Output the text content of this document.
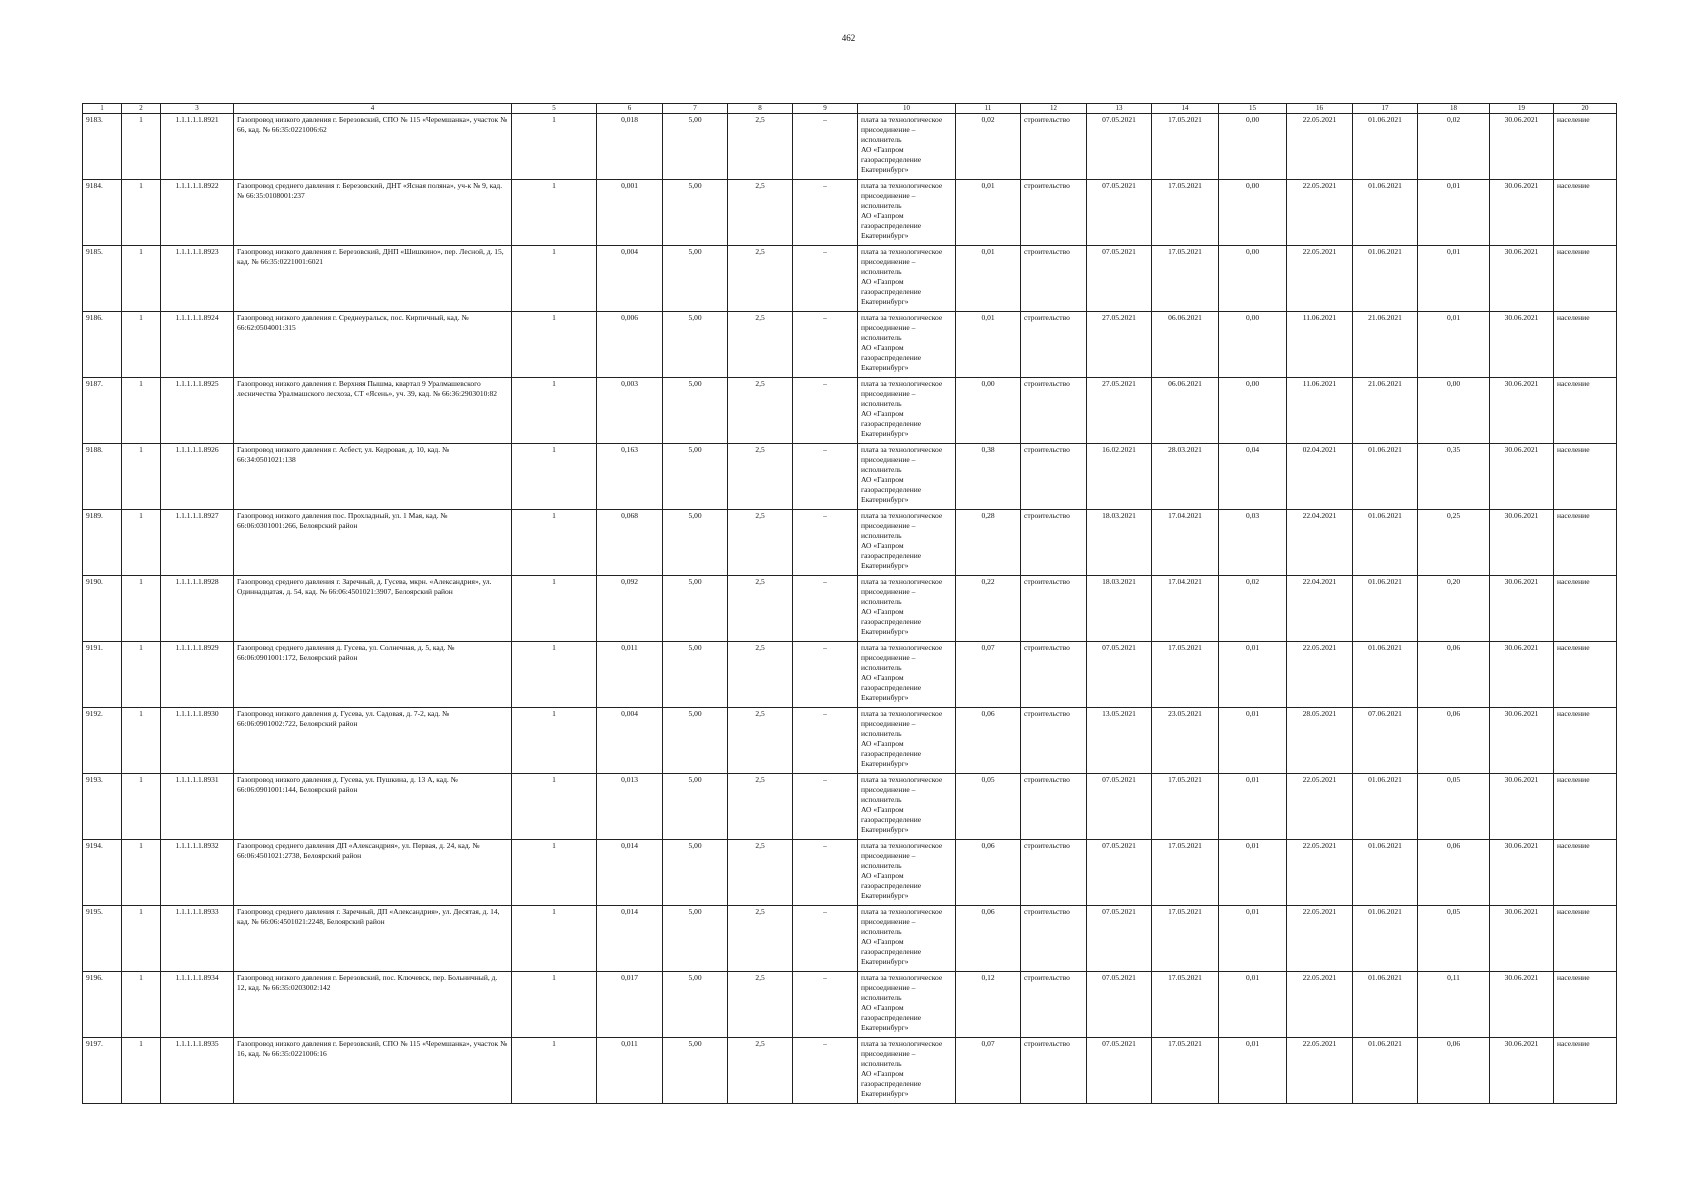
462
1	2	3	4	5	6	7	8	9	10	11	12	13	14	15	16	17	18	19	20
9183.	1	1.1.1.1.1.8921	Газопровод низкого давления г. Березовский, СПО № 115 «Черемшанка», участок № 66, кад. № 66:35:0221006:62	1	0,018	5,00	2,5	–	плата за технологическое присоединение – исполнитель
АО «Газпром газораспределение Екатеринбург»	0,02	строительство	07.05.2021	17.05.2021	0,00	22.05.2021	01.06.2021	0,02	30.06.2021	население
9184.	1	1.1.1.1.1.8922	Газопровод среднего давления г. Березовский, ДНТ «Ясная поляна», уч-к № 9, кад. № 66:35:0108001:237	1	0,001	5,00	2,5	–	плата за технологическое присоединение – исполнитель
АО «Газпром газораспределение Екатеринбург»	0,01	строительство	07.05.2021	17.05.2021	0,00	22.05.2021	01.06.2021	0,01	30.06.2021	население
9185.	1	1.1.1.1.1.8923	Газопровод низкого давления г. Березовский, ДНП «Шишкино», пер. Лесной, д. 15, кад. № 66:35:0221001:6021	1	0,004	5,00	2,5	–	плата за технологическое присоединение – исполнитель
АО «Газпром газораспределение Екатеринбург»	0,01	строительство	07.05.2021	17.05.2021	0,00	22.05.2021	01.06.2021	0,01	30.06.2021	население
9186.	1	1.1.1.1.1.8924	Газопровод низкого давления г. Среднеуральск, пос. Кирпичный, кад. № 66:62:0504001:315	1	0,006	5,00	2,5	–	плата за технологическое присоединение – исполнитель
АО «Газпром газораспределение Екатеринбург»	0,01	строительство	27.05.2021	06.06.2021	0,00	11.06.2021	21.06.2021	0,01	30.06.2021	население
9187.	1	1.1.1.1.1.8925	Газопровод низкого давления г. Верхняя Пышма, квартал 9 Уралмашевского лесничества Уралмашского лесхоза, СТ «Ясень», уч. 39, кад. № 66:36:2903010:82	1	0,003	5,00	2,5	–	плата за технологическое присоединение – исполнитель
АО «Газпром газораспределение Екатеринбург»	0,00	строительство	27.05.2021	06.06.2021	0,00	11.06.2021	21.06.2021	0,00	30.06.2021	население
9188.	1	1.1.1.1.1.8926	Газопровод низкого давления г. Асбест, ул. Кедровая, д. 10, кад. № 66:34:0501021:138	1	0,163	5,00	2,5	–	плата за технологическое присоединение – исполнитель
АО «Газпром газораспределение Екатеринбург»	0,38	строительство	16.02.2021	28.03.2021	0,04	02.04.2021	01.06.2021	0,35	30.06.2021	население
9189.	1	1.1.1.1.1.8927	Газопровод низкого давления пос. Прохладный, ул. 1 Мая, кад. № 66:06:0301001:266, Белоярский район	1	0,068	5,00	2,5	–	плата за технологическое присоединение – исполнитель
АО «Газпром газораспределение Екатеринбург»	0,28	строительство	18.03.2021	17.04.2021	0,03	22.04.2021	01.06.2021	0,25	30.06.2021	население
9190.	1	1.1.1.1.1.8928	Газопровод среднего давления г. Заречный, д. Гусева, мкрн. «Александрия», ул. Одиннадцатая, д. 54, кад. № 66:06:4501021:3907, Белоярский район	1	0,092	5,00	2,5	–	плата за технологическое присоединение – исполнитель
АО «Газпром газораспределение Екатеринбург»	0,22	строительство	18.03.2021	17.04.2021	0,02	22.04.2021	01.06.2021	0,20	30.06.2021	население
9191.	1	1.1.1.1.1.8929	Газопровод среднего давления д. Гусева, ул. Солнечная, д. 5, кад. № 66:06:0901001:172, Белоярский район	1	0,011	5,00	2,5	–	плата за технологическое присоединение – исполнитель
АО «Газпром газораспределение Екатеринбург»	0,07	строительство	07.05.2021	17.05.2021	0,01	22.05.2021	01.06.2021	0,06	30.06.2021	население
9192.	1	1.1.1.1.1.8930	Газопровод низкого давления д. Гусева, ул. Садовая, д. 7-2, кад. № 66:06:0901002:722, Белоярский район	1	0,004	5,00	2,5	–	плата за технологическое присоединение – исполнитель
АО «Газпром газораспределение Екатеринбург»	0,06	строительство	13.05.2021	23.05.2021	0,01	28.05.2021	07.06.2021	0,06	30.06.2021	население
9193.	1	1.1.1.1.1.8931	Газопровод низкого давления д. Гусева, ул. Пушкина, д. 13 А, кад. № 66:06:0901001:144, Белоярский район	1	0,013	5,00	2,5	–	плата за технологическое присоединение – исполнитель
АО «Газпром газораспределение Екатеринбург»	0,05	строительство	07.05.2021	17.05.2021	0,01	22.05.2021	01.06.2021	0,05	30.06.2021	население
9194.	1	1.1.1.1.1.8932	Газопровод среднего давления ДП «Александрия», ул. Первая, д. 24, кад. № 66:06:4501021:2738, Белоярский район	1	0,014	5,00	2,5	–	плата за технологическое присоединение – исполнитель
АО «Газпром газораспределение Екатеринбург»	0,06	строительство	07.05.2021	17.05.2021	0,01	22.05.2021	01.06.2021	0,06	30.06.2021	население
9195.	1	1.1.1.1.1.8933	Газопровод среднего давления г. Заречный, ДП «Александрия», ул. Десятая, д. 14, кад. № 66:06:4501021:2248, Белоярский район	1	0,014	5,00	2,5	–	плата за технологическое присоединение – исполнитель
АО «Газпром газораспределение Екатеринбург»	0,06	строительство	07.05.2021	17.05.2021	0,01	22.05.2021	01.06.2021	0,05	30.06.2021	население
9196.	1	1.1.1.1.1.8934	Газопровод низкого давления г. Березовский, пос. Ключевск, пер. Больничный, д. 12, кад. № 66:35:0203002:142	1	0,017	5,00	2,5	–	плата за технологическое присоединение – исполнитель
АО «Газпром газораспределение Екатеринбург»	0,12	строительство	07.05.2021	17.05.2021	0,01	22.05.2021	01.06.2021	0,11	30.06.2021	население
9197.	1	1.1.1.1.1.8935	Газопровод низкого давления г. Березовский, СПО № 115 «Черемшанка», участок № 16, кад. № 66:35:0221006:16	1	0,011	5,00	2,5	–	плата за технологическое присоединение – исполнитель
АО «Газпром газораспределение Екатеринбург»	0,07	строительство	07.05.2021	17.05.2021	0,01	22.05.2021	01.06.2021	0,06	30.06.2021	население
